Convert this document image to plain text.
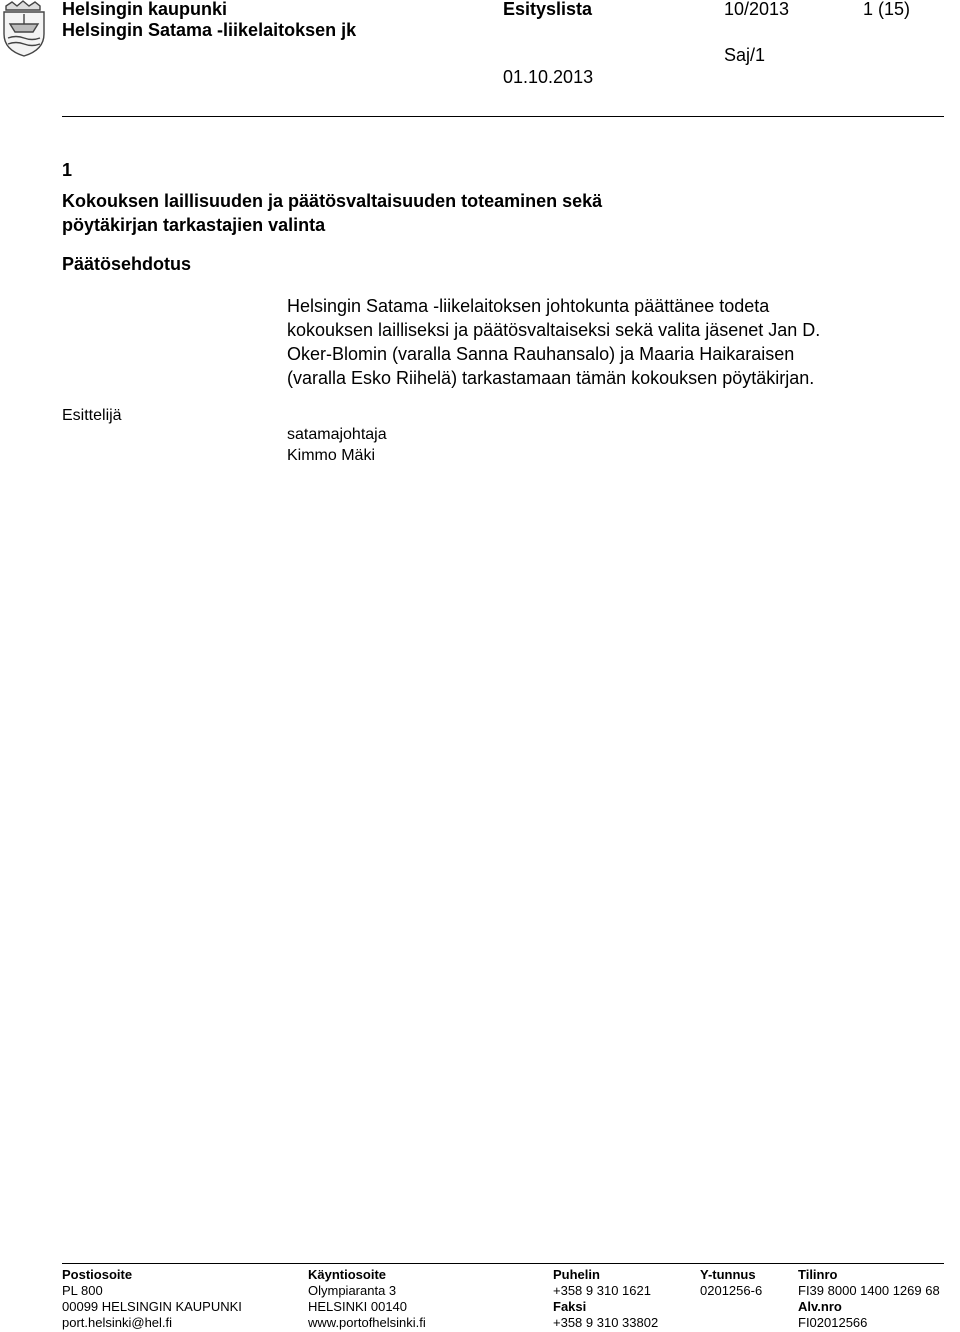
Helsingin kaupunki
Helsingin Satama -liikelaitoksen jk
Esityslista	10/2013	1 (15)
Saj/1
01.10.2013
1
Kokouksen laillisuuden ja päätösvaltaisuuden toteaminen sekä
pöytäkirjan tarkastajien valinta
Päätösehdotus
Helsingin Satama -liikelaitoksen johtokunta päättänee todeta
kokouksen lailliseksi ja päätösvaltaiseksi sekä valita jäsenet Jan D.
Oker-Blomin (varalla Sanna Rauhansalo) ja Maaria Haikaraisen
(varalla Esko Riihelä) tarkastamaan tämän kokouksen pöytäkirjan.
Esittelijä
satamajohtaja
Kimmo Mäki
Postiosoite
PL 800
00099 HELSINGIN KAUPUNKI
port.helsinki@hel.fi
Käyntiosoite
Olympiaranta 3
HELSINKI 00140
www.portofhelsinki.fi
Puhelin
+358 9 310 1621
Faksi
+358 9 310 33802
Y-tunnus
0201256-6
Tilinro
FI39 8000 1400 1269 68
Alv.nro
FI02012566
